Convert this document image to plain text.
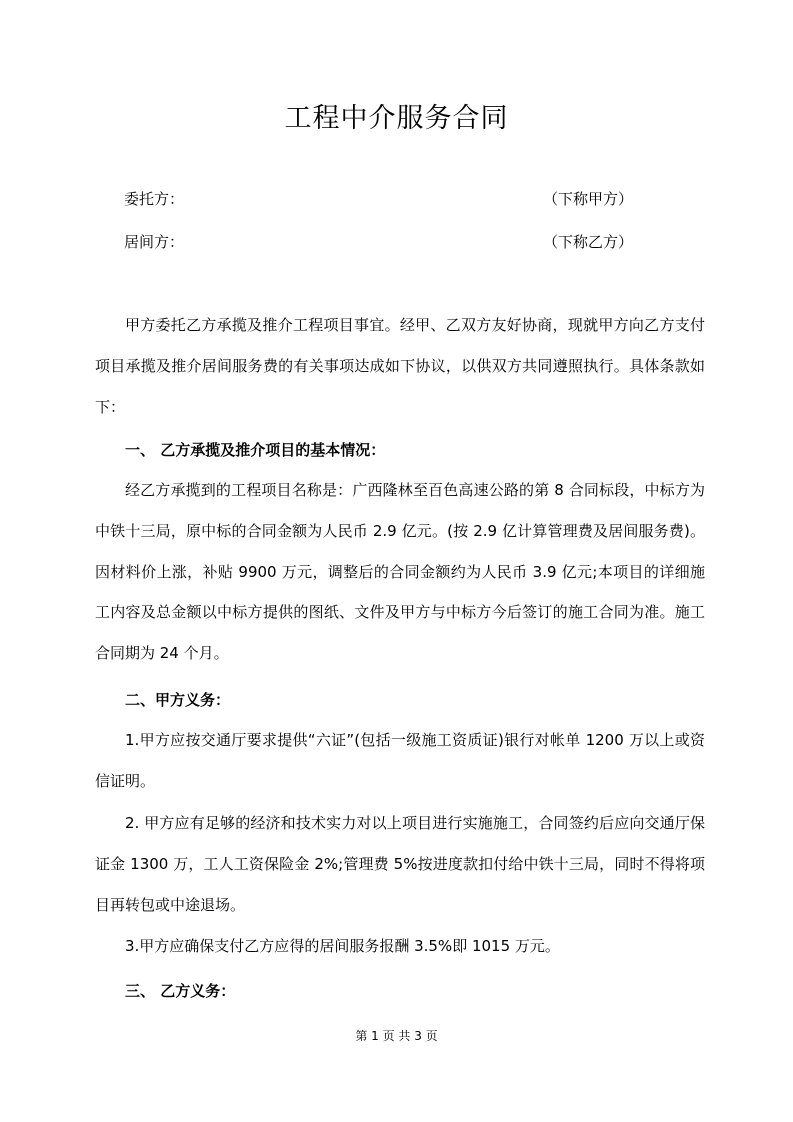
工程中介服务合同
委托方：	（下称甲方）
居间方：	（下称乙方）

甲方委托乙方承揽及推介工程项目事宜。经甲、乙双方友好协商，现就甲方向乙方支付项目承揽及推介居间服务费的有关事项达成如下协议，以供双方共同遵照执行。具体条款如下：

一、 乙方承揽及推介项目的基本情况：

经乙方承揽到的工程项目名称是：广西隆林至百色高速公路的第 8 合同标段，中标方为中铁十三局，原中标的合同金额为人民币 2.9 亿元。(按 2.9 亿计算管理费及居间服务费)。因材料价上涨，补贴 9900 万元，调整后的合同金额约为人民币 3.9 亿元;本项目的详细施工内容及总金额以中标方提供的图纸、文件及甲方与中标方今后签订的施工合同为准。施工合同期为 24 个月。

二、甲方义务：

1.甲方应按交通厅要求提供“六证”(包括一级施工资质证)银行对帐单 1200 万以上或资信证明。

2. 甲方应有足够的经济和技术实力对以上项目进行实施施工，合同签约后应向交通厅保证金 1300 万，工人工资保险金 2%;管理费 5%按进度款扣付给中铁十三局，同时不得将项目再转包或中途退场。

3.甲方应确保支付乙方应得的居间服务报酬 3.5%即 1015 万元。

三、 乙方义务：
第 1 页 共 3 页
